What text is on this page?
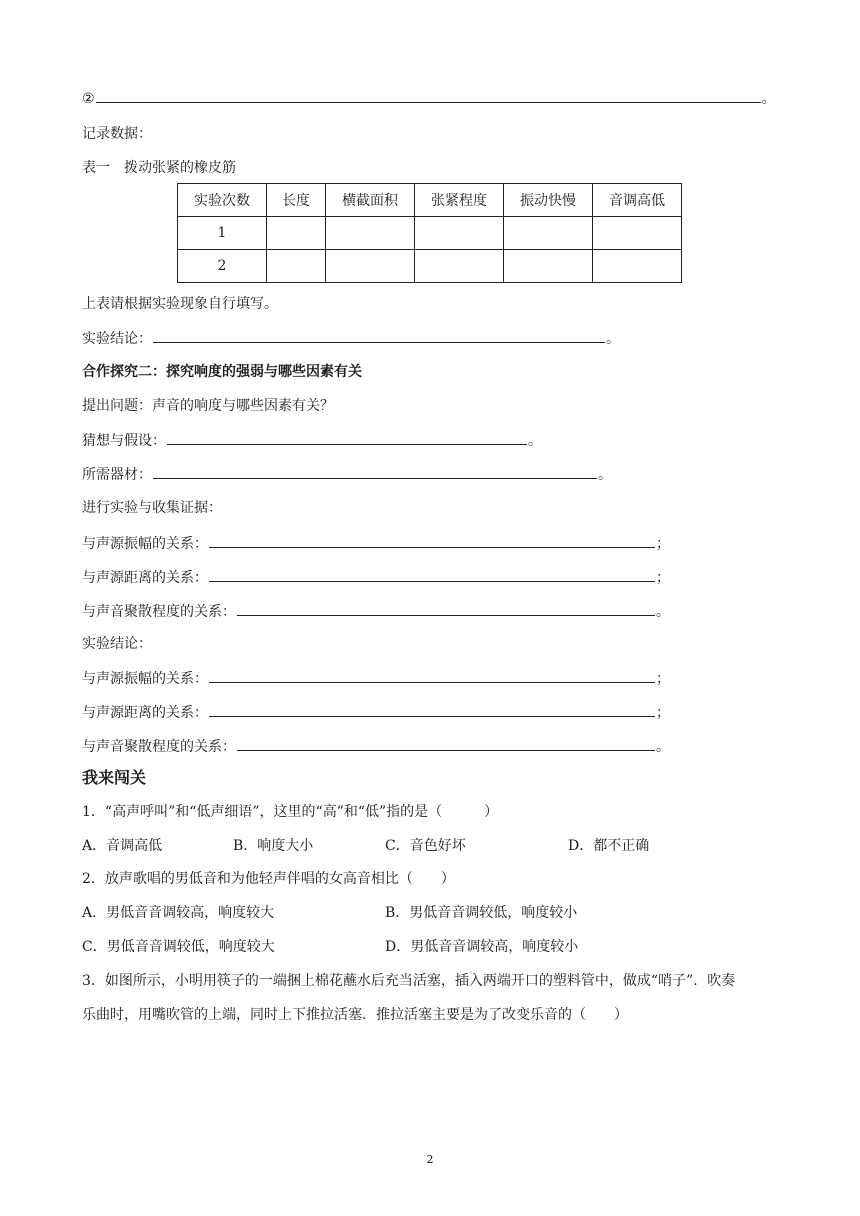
②	。
记录数据：
表一　拨动张紧的橡皮筋
实验次数	长度	横截面积	张紧程度	振动快慢	音调高低
1					
2					
上表请根据实验现象自行填写。
实验结论：	。
合作探究二：探究响度的强弱与哪些因素有关
提出问题：声音的响度与哪些因素有关？
猜想与假设：	。
所需器材：	。
进行实验与收集证据：
与声源振幅的关系：	；
与声源距离的关系：	；
与声音聚散程度的关系：	。
实验结论：
与声源振幅的关系：	；
与声源距离的关系：	；
与声音聚散程度的关系：	。
我来闯关
1．“高声呼叫”和“低声细语”，这里的“高”和“低”指的是（　　　）
A．音调高低	B．响度大小	C．音色好坏	D．都不正确
2．放声歌唱的男低音和为他轻声伴唱的女高音相比（　　）
A．男低音音调较高，响度较大	B．男低音音调较低，响度较小
C．男低音音调较低，响度较大	D．男低音音调较高，响度较小
3．如图所示，小明用筷子的一端捆上棉花蘸水后充当活塞，插入两端开口的塑料管中，做成“哨子”．吹奏
乐曲时，用嘴吹管的上端，同时上下推拉活塞．推拉活塞主要是为了改变乐音的（　　）
2
